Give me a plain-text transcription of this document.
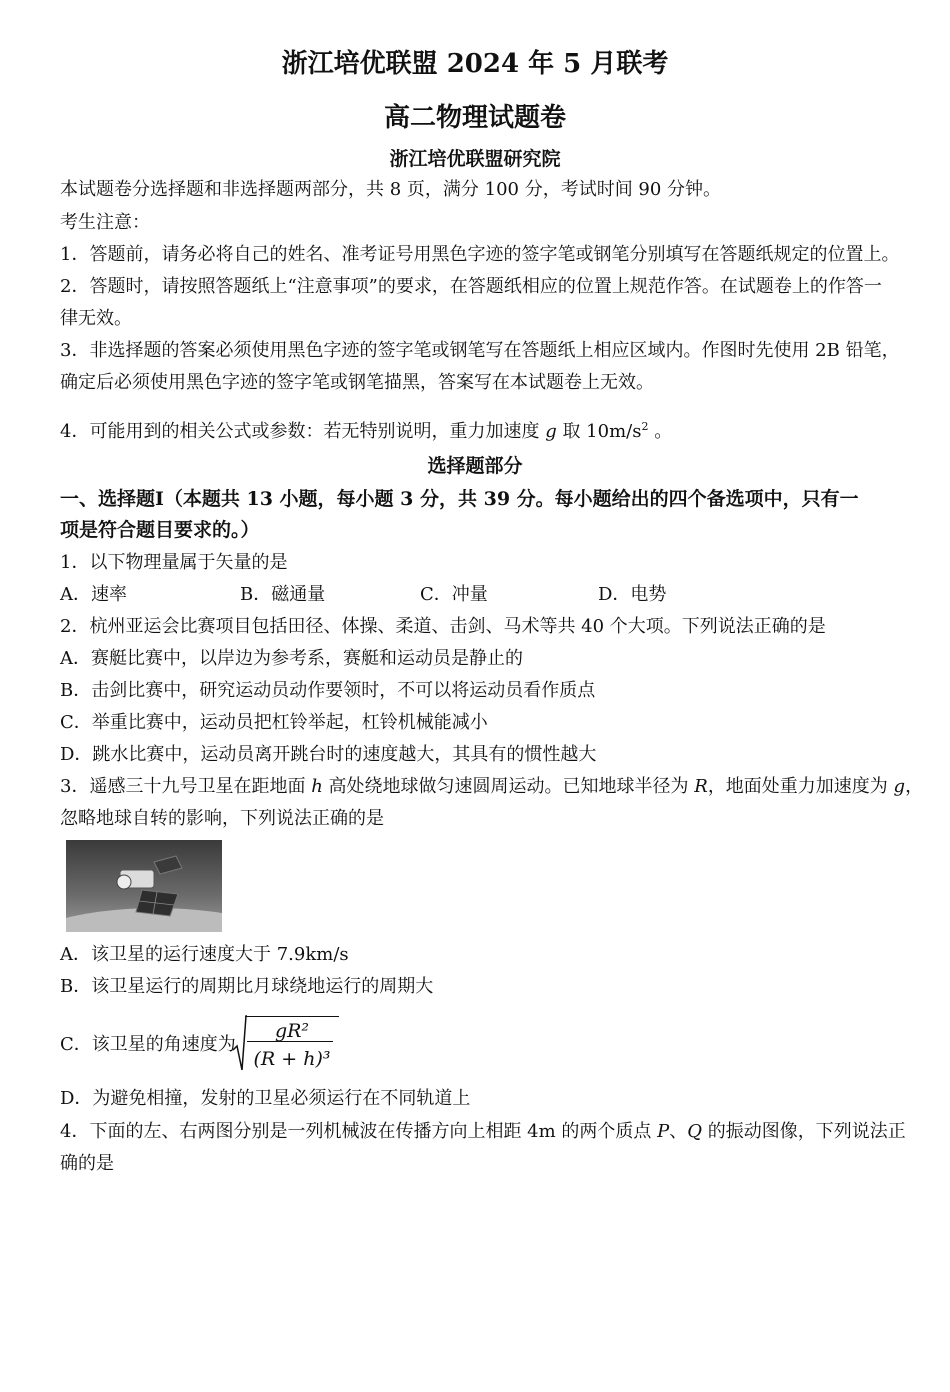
浙江培优联盟 2024 年 5 月联考
高二物理试题卷
浙江培优联盟研究院
本试题卷分选择题和非选择题两部分，共 8 页，满分 100 分，考试时间 90 分钟。
考生注意：
1．答题前，请务必将自己的姓名、准考证号用黑色字迹的签字笔或钢笔分别填写在答题纸规定的位置上。
2．答题时，请按照答题纸上“注意事项”的要求，在答题纸相应的位置上规范作答。在试题卷上的作答一
律无效。
3．非选择题的答案必须使用黑色字迹的签字笔或钢笔写在答题纸上相应区域内。作图时先使用 2B 铅笔，
确定后必须使用黑色字迹的签字笔或钢笔描黑，答案写在本试题卷上无效。
4．可能用到的相关公式或参数：若无特别说明，重力加速度 g 取 $10m/s^2$ 。
选择题部分
一、选择题Ⅰ（本题共 13 小题，每小题 3 分，共 39 分。每小题给出的四个备选项中，只有一
项是符合题目要求的。）
1．以下物理量属于矢量的是
A．速率	B．磁通量	C．冲量	D．电势
2．杭州亚运会比赛项目包括田径、体操、柔道、击剑、马术等共 40 个大项。下列说法正确的是
A．赛艇比赛中，以岸边为参考系，赛艇和运动员是静止的
B．击剑比赛中，研究运动员动作要领时，不可以将运动员看作质点
C．举重比赛中，运动员把杠铃举起，杠铃机械能减小
D．跳水比赛中，运动员离开跳台时的速度越大，其具有的惯性越大
3．遥感三十九号卫星在距地面 h 高处绕地球做匀速圆周运动。已知地球半径为 R，地面处重力加速度为 g，
忽略地球自转的影响，下列说法正确的是
A．该卫星的运行速度大于 7.9km/s
B．该卫星运行的周期比月球绕地运行的周期大
C．该卫星的角速度为
gR²
(R + h)³
D．为避免相撞，发射的卫星必须运行在不同轨道上
4．下面的左、右两图分别是一列机械波在传播方向上相距 4m 的两个质点 P、Q 的振动图像，下列说法正
确的是
